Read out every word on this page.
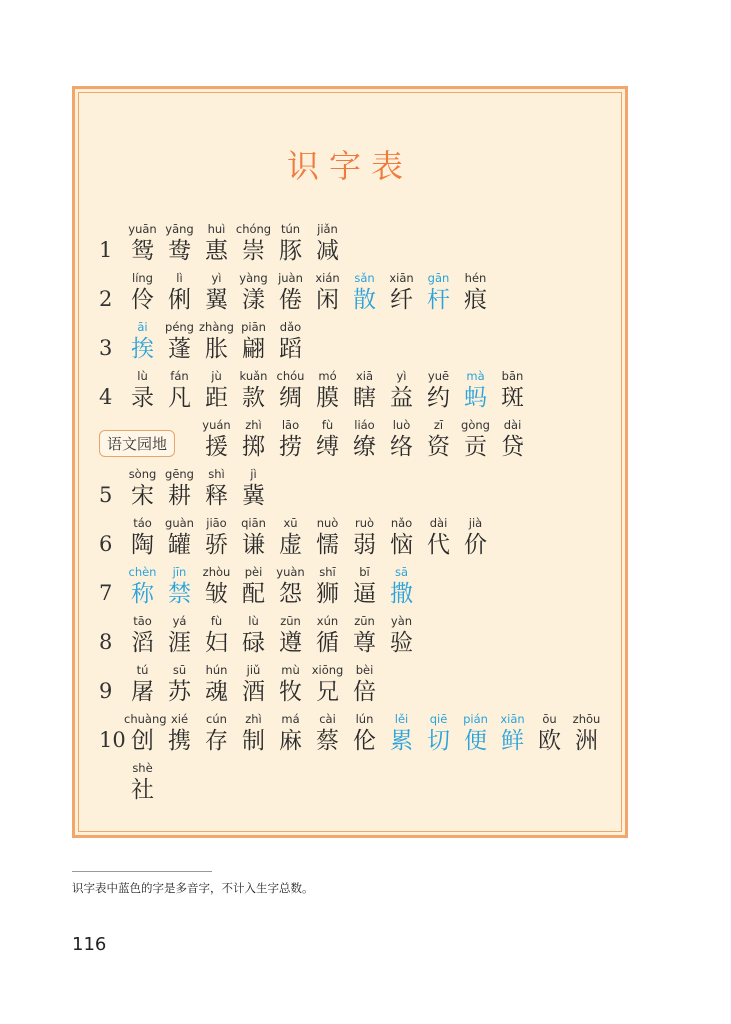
识字表
1
yuān
鸳
yāng
鸯
huì
惠
chóng
崇
tún
豚
jiǎn
减
2
líng
伶
lì
俐
yì
翼
yàng
漾
juàn
倦
xián
闲
sǎn
散
xiān
纤
gān
杆
hén
痕
3
āi
挨
péng
蓬
zhàng
胀
piān
翩
dǎo
蹈
4
lù
录
fán
凡
jù
距
kuǎn
款
chóu
绸
mó
膜
xiā
瞎
yì
益
yuē
约
mà
蚂
bān
斑
语文园地
yuán
援
zhì
掷
lāo
捞
fù
缚
liáo
缭
luò
络
zī
资
gòng
贡
dài
贷
5
sòng
宋
gēng
耕
shì
释
jì
冀
6
táo
陶
guàn
罐
jiāo
骄
qiān
谦
xū
虚
nuò
懦
ruò
弱
nǎo
恼
dài
代
jià
价
7
chèn
称
jīn
禁
zhòu
皱
pèi
配
yuàn
怨
shī
狮
bī
逼
sā
撒
8
tāo
滔
yá
涯
fù
妇
lù
碌
zūn
遵
xún
循
zūn
尊
yàn
验
9
tú
屠
sū
苏
hún
魂
jiǔ
酒
mù
牧
xiōng
兄
bèi
倍
10
chuàng
创
xié
携
cún
存
zhì
制
má
麻
cài
蔡
lún
伦
lěi
累
qiē
切
pián
便
xiān
鲜
ōu
欧
zhōu
洲
shè
社
识字表中蓝色的字是多音字，不计入生字总数。
116
